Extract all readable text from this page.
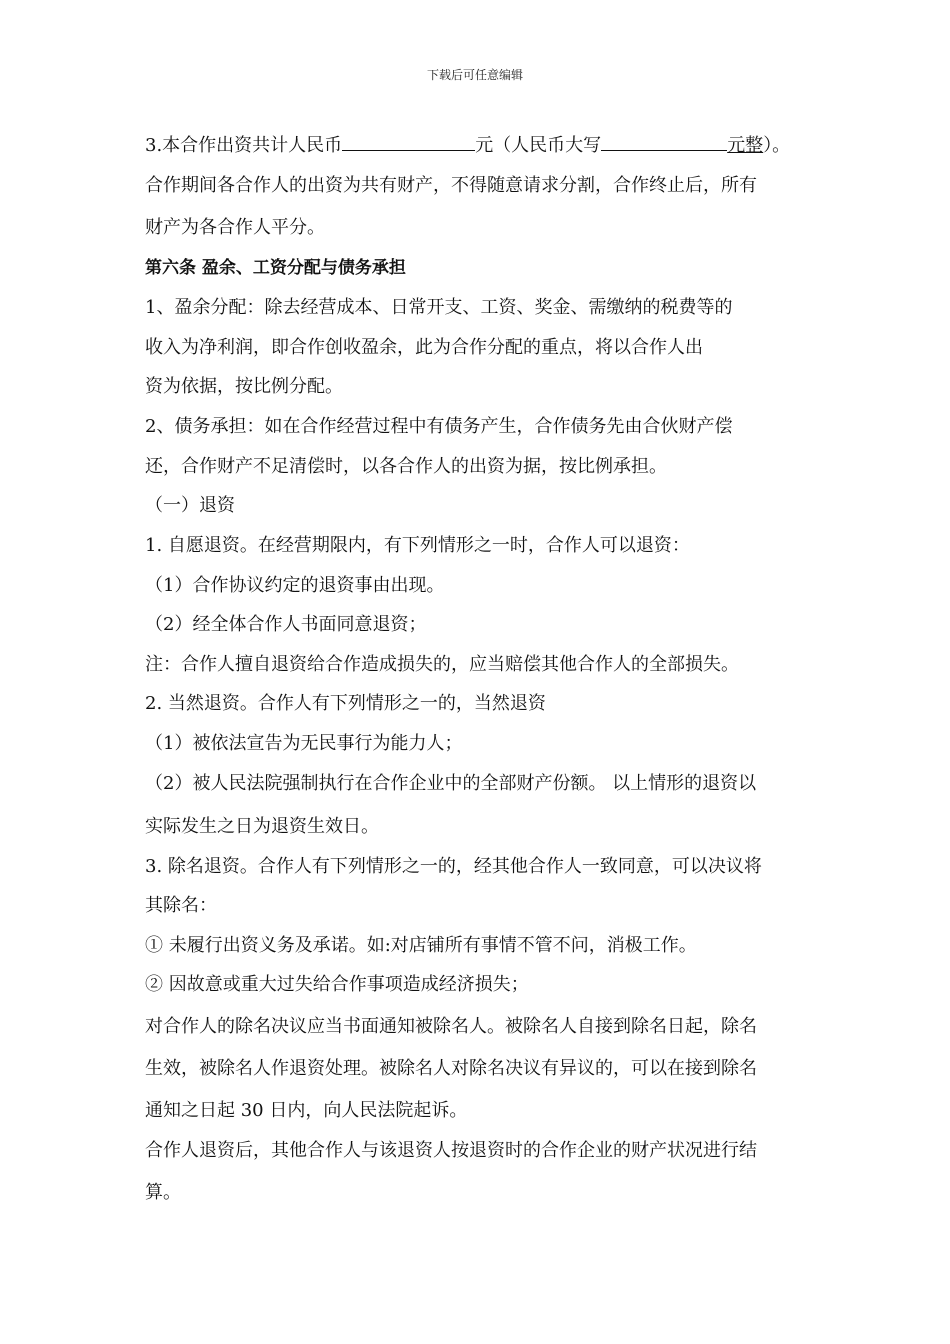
下载后可任意编辑
3.本合作出资共计人民币	元（人民币大写	元整）。
合作期间各合作人的出资为共有财产，不得随意请求分割，合作终止后，所有
财产为各合作人平分。
第六条 盈余、工资分配与债务承担
1、盈余分配：除去经营成本、日常开支、工资、奖金、需缴纳的税费等的
收入为净利润，即合作创收盈余，此为合作分配的重点，将以合作人出
资为依据，按比例分配。
2、债务承担：如在合作经营过程中有债务产生，合作债务先由合伙财产偿
还，合作财产不足清偿时，以各合作人的出资为据，按比例承担。
（一）退资
1. 自愿退资。在经营期限内，有下列情形之一时，合作人可以退资：
（1）合作协议约定的退资事由出现。
（2）经全体合作人书面同意退资；
注：合作人擅自退资给合作造成损失的，应当赔偿其他合作人的全部损失。
2. 当然退资。合作人有下列情形之一的，当然退资
（1）被依法宣告为无民事行为能力人；
（2）被人民法院强制执行在合作企业中的全部财产份额。 以上情形的退资以
实际发生之日为退资生效日。
3. 除名退资。合作人有下列情形之一的，经其他合作人一致同意，可以决议将
其除名：
① 未履行出资义务及承诺。如:对店铺所有事情不管不问，消极工作。
② 因故意或重大过失给合作事项造成经济损失；
对合作人的除名决议应当书面通知被除名人。被除名人自接到除名日起，除名
生效，被除名人作退资处理。被除名人对除名决议有异议的，可以在接到除名
通知之日起 30 日内，向人民法院起诉。
合作人退资后，其他合作人与该退资人按退资时的合作企业的财产状况进行结
算。
